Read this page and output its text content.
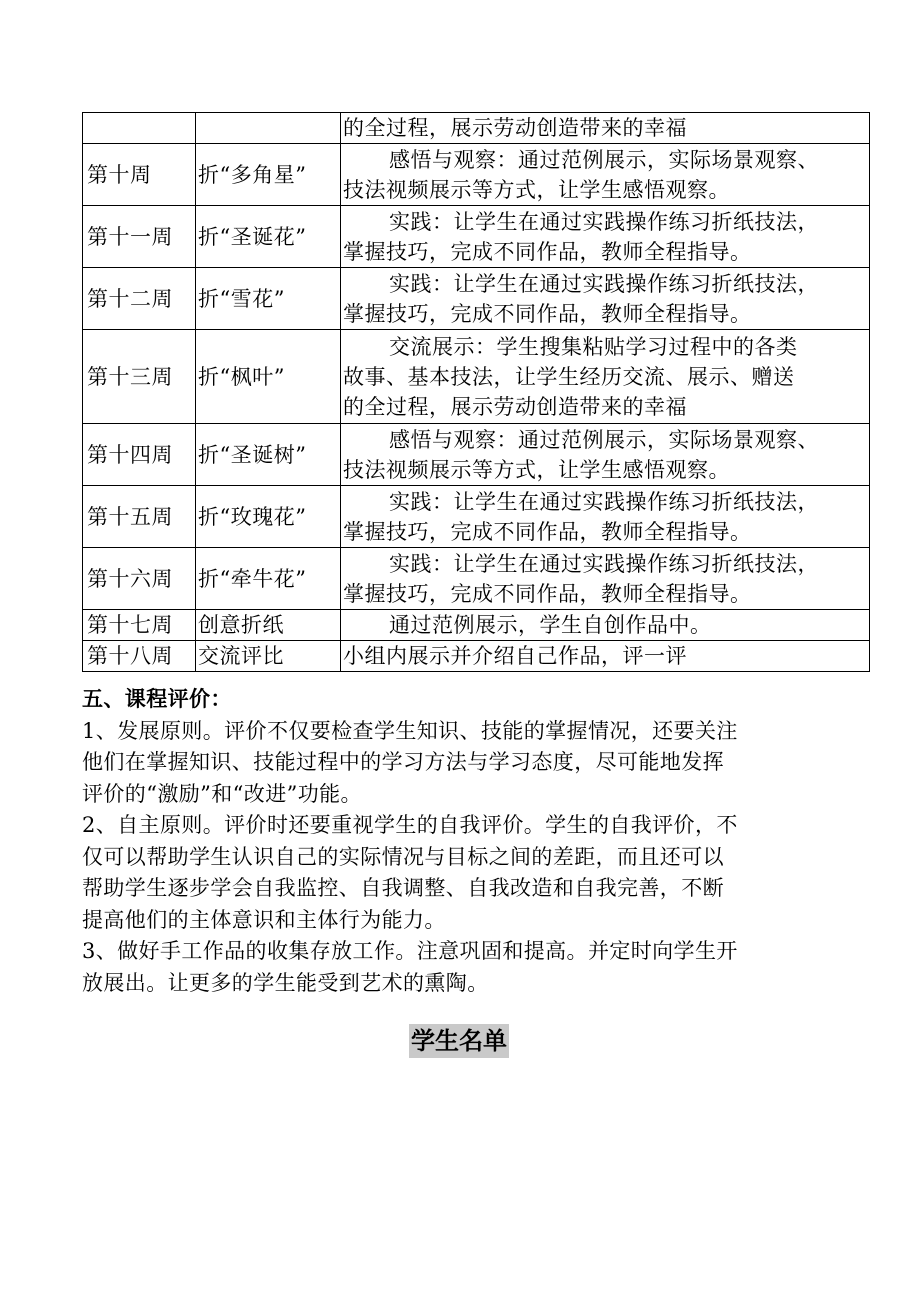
		的全过程，展示劳动创造带来的幸福

第十周	折“多角星”	感悟与观察：通过范例展示，实际场景观察、
技法视频展示等方式，让学生感悟观察。

第十一周	折“圣诞花”	实践：让学生在通过实践操作练习折纸技法，
掌握技巧，完成不同作品，教师全程指导。

第十二周	折“雪花”	实践：让学生在通过实践操作练习折纸技法，
掌握技巧，完成不同作品，教师全程指导。

第十三周	折“枫叶”	交流展示：学生搜集粘贴学习过程中的各类
故事、基本技法，让学生经历交流、展示、赠送
的全过程，展示劳动创造带来的幸福

第十四周	折“圣诞树”	感悟与观察：通过范例展示，实际场景观察、
技法视频展示等方式，让学生感悟观察。

第十五周	折“玫瑰花”	实践：让学生在通过实践操作练习折纸技法，
掌握技巧，完成不同作品，教师全程指导。

第十六周	折“牵牛花”	实践：让学生在通过实践操作练习折纸技法，
掌握技巧，完成不同作品，教师全程指导。

第十七周	创意折纸	通过范例展示，学生自创作品中。

第十八周	交流评比	小组内展示并介绍自己作品，评一评
五、课程评价：
1、发展原则。评价不仅要检查学生知识、技能的掌握情况，还要关注
他们在掌握知识、技能过程中的学习方法与学习态度，尽可能地发挥
评价的“激励”和“改进”功能。
2、自主原则。评价时还要重视学生的自我评价。学生的自我评价，不
仅可以帮助学生认识自己的实际情况与目标之间的差距，而且还可以
帮助学生逐步学会自我监控、自我调整、自我改造和自我完善，不断
提高他们的主体意识和主体行为能力。
3、做好手工作品的收集存放工作。注意巩固和提高。并定时向学生开
放展出。让更多的学生能受到艺术的熏陶。
学生名单
